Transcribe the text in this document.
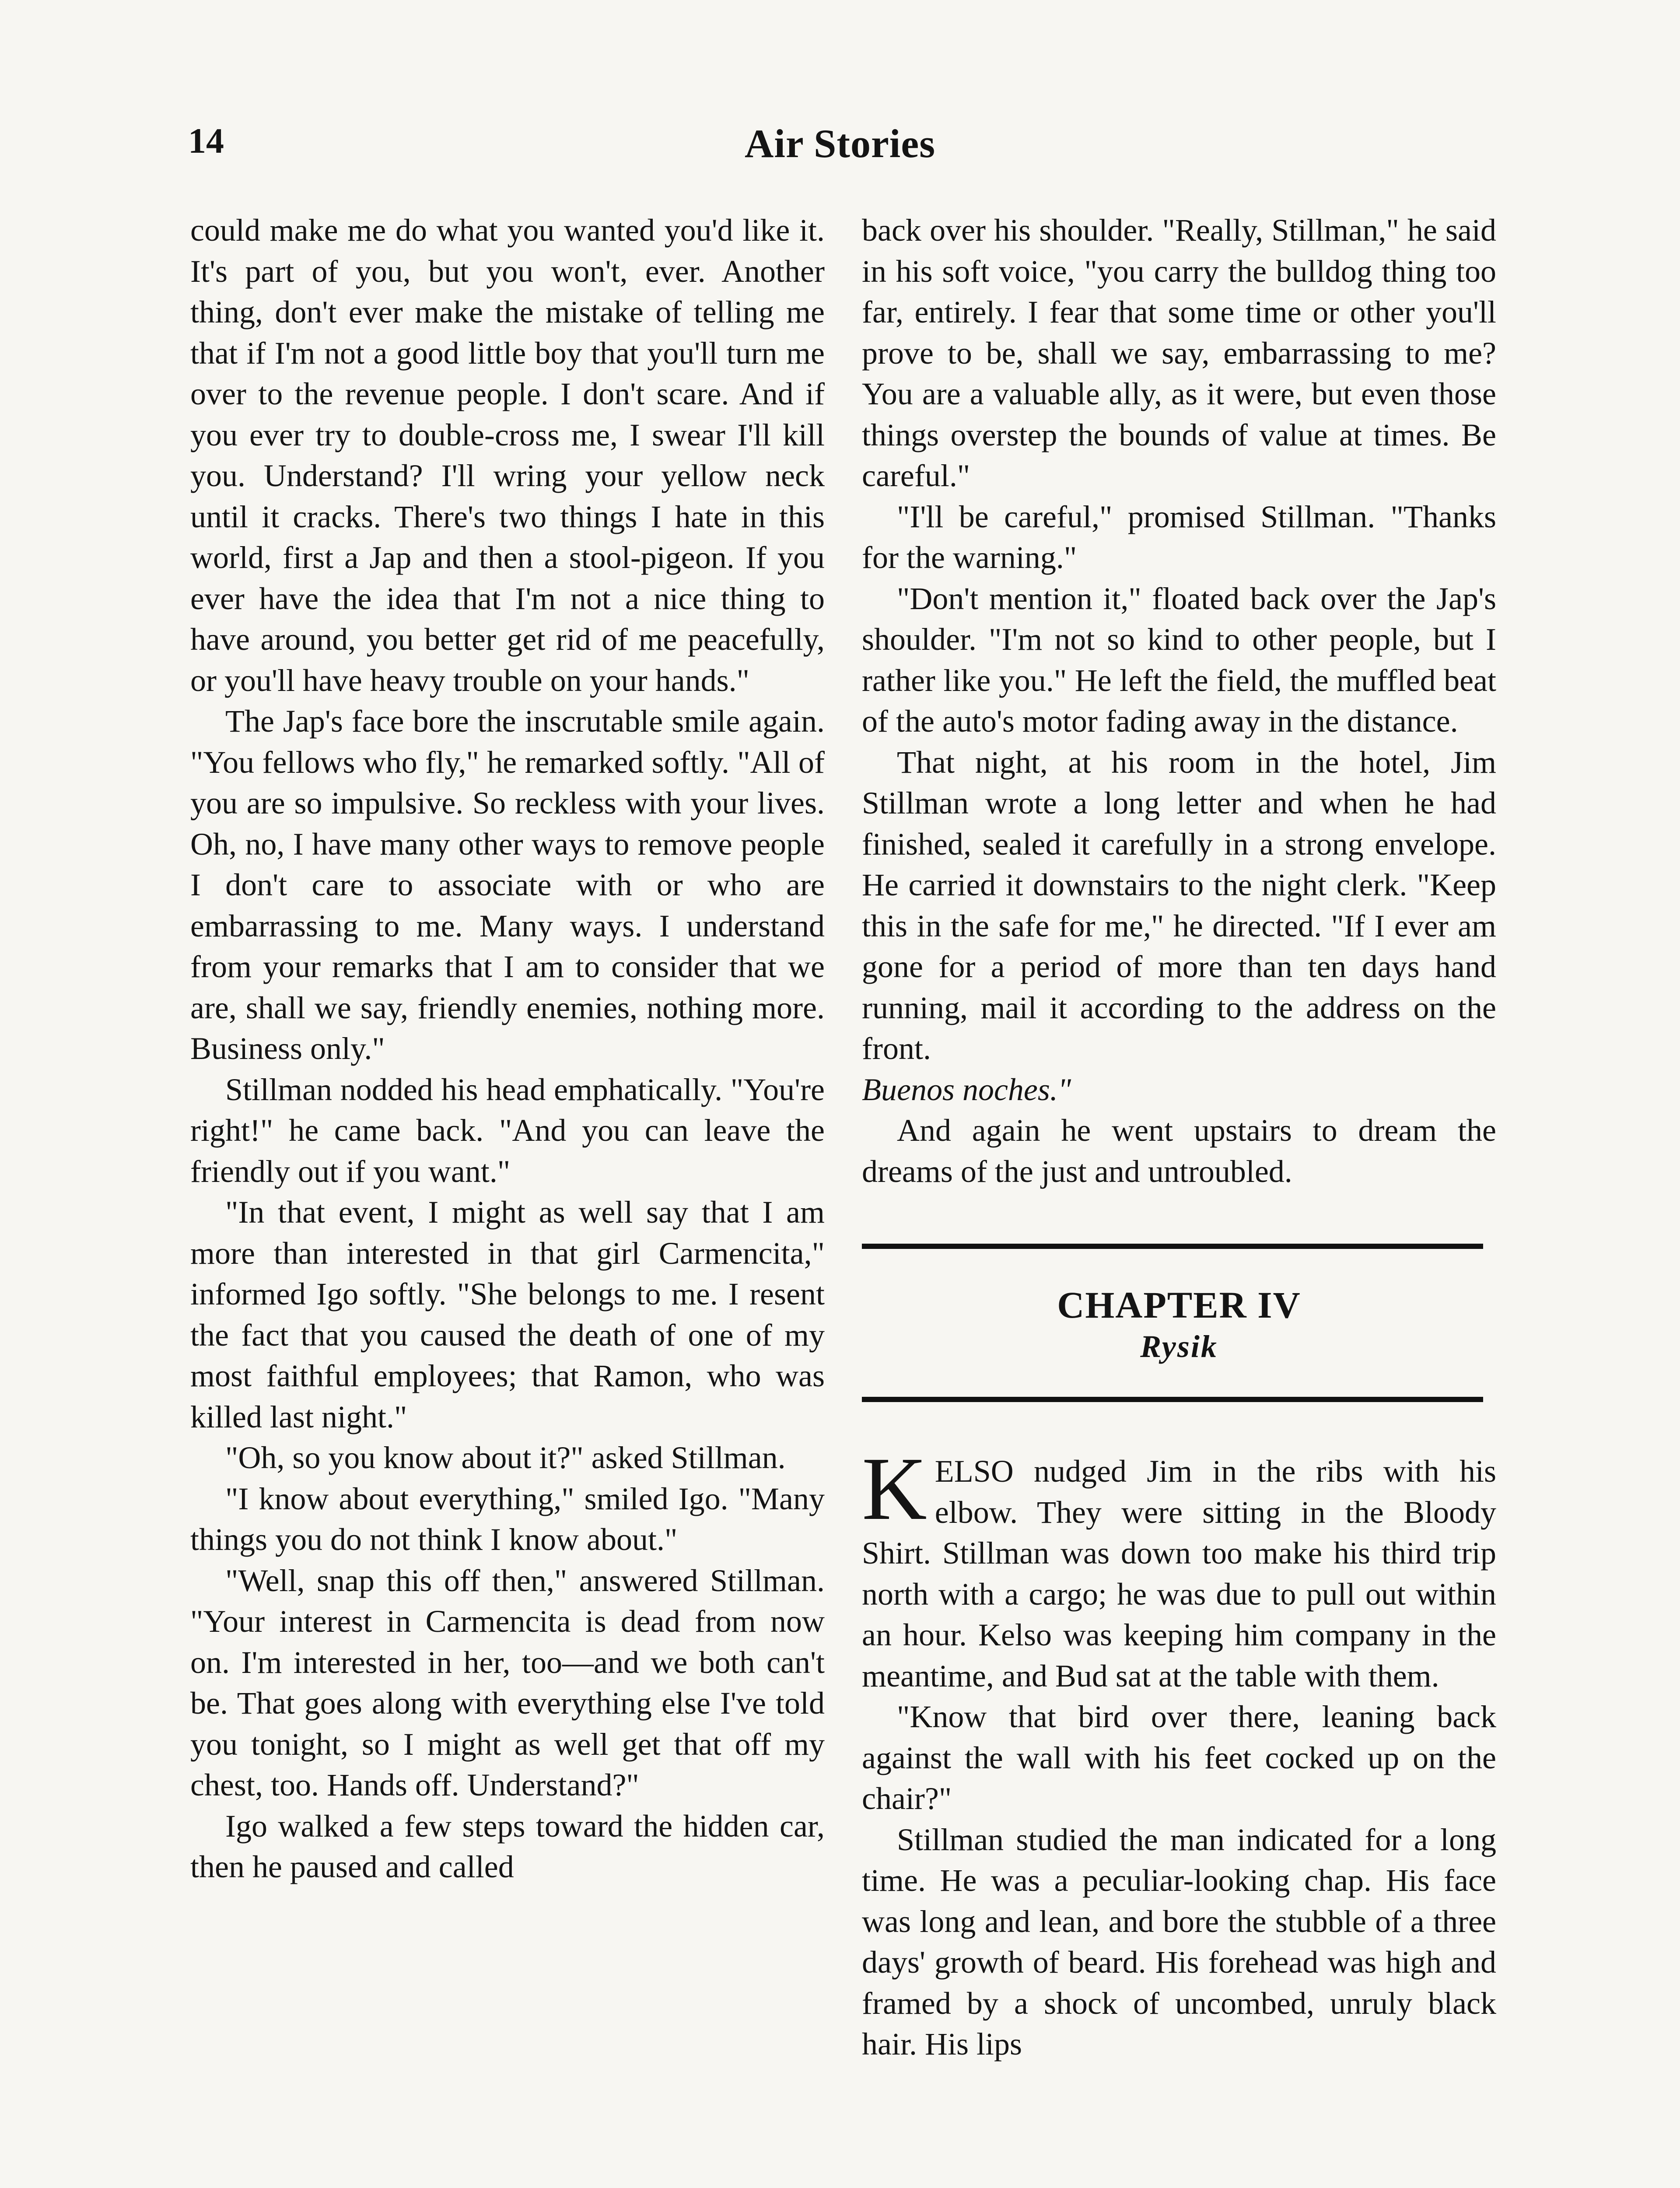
14	Air Stories

could make me do what you wanted you'd like it. It's part of you, but you won't, ever. Another thing, don't ever make the mistake of telling me that if I'm not a good little boy that you'll turn me over to the revenue people. I don't scare. And if you ever try to double-cross me, I swear I'll kill you. Understand? I'll wring your yellow neck until it cracks. There's two things I hate in this world, first a Jap and then a stool-pigeon. If you ever have the idea that I'm not a nice thing to have around, you better get rid of me peacefully, or you'll have heavy trouble on your hands."

The Jap's face bore the inscrutable smile again. "You fellows who fly," he remarked softly. "All of you are so impulsive. So reckless with your lives. Oh, no, I have many other ways to remove people I don't care to associate with or who are embarrassing to me. Many ways. I understand from your remarks that I am to consider that we are, shall we say, friendly enemies, nothing more. Business only."

Stillman nodded his head emphatically. "You're right!" he came back. "And you can leave the friendly out if you want."

"In that event, I might as well say that I am more than interested in that girl Carmencita," informed Igo softly. "She belongs to me. I resent the fact that you caused the death of one of my most faithful employees; that Ramon, who was killed last night."

"Oh, so you know about it?" asked Stillman.

"I know about everything," smiled Igo. "Many things you do not think I know about."

"Well, snap this off then," answered Stillman. "Your interest in Carmencita is dead from now on. I'm interested in her, too—and we both can't be. That goes along with everything else I've told you tonight, so I might as well get that off my chest, too. Hands off. Understand?"

Igo walked a few steps toward the hidden car, then he paused and called

back over his shoulder. "Really, Stillman," he said in his soft voice, "you carry the bulldog thing too far, entirely. I fear that some time or other you'll prove to be, shall we say, embarrassing to me? You are a valuable ally, as it were, but even those things overstep the bounds of value at times. Be careful."

"I'll be careful," promised Stillman. "Thanks for the warning."

"Don't mention it," floated back over the Jap's shoulder. "I'm not so kind to other people, but I rather like you." He left the field, the muffled beat of the auto's motor fading away in the distance.

That night, at his room in the hotel, Jim Stillman wrote a long letter and when he had finished, sealed it carefully in a strong envelope. He carried it downstairs to the night clerk. "Keep this in the safe for me," he directed. "If I ever am gone for a period of more than ten days hand running, mail it according to the address on the front.

Buenos noches."

And again he went upstairs to dream the dreams of the just and untroubled.

CHAPTER IV
Rysik

KELSO nudged Jim in the ribs with his elbow. They were sitting in the Bloody Shirt. Stillman was down too make his third trip north with a cargo; he was due to pull out within an hour. Kelso was keeping him company in the meantime, and Bud sat at the table with them.

"Know that bird over there, leaning back against the wall with his feet cocked up on the chair?"

Stillman studied the man indicated for a long time. He was a peculiar-looking chap. His face was long and lean, and bore the stubble of a three days' growth of beard. His forehead was high and framed by a shock of uncombed, unruly black hair. His lips
